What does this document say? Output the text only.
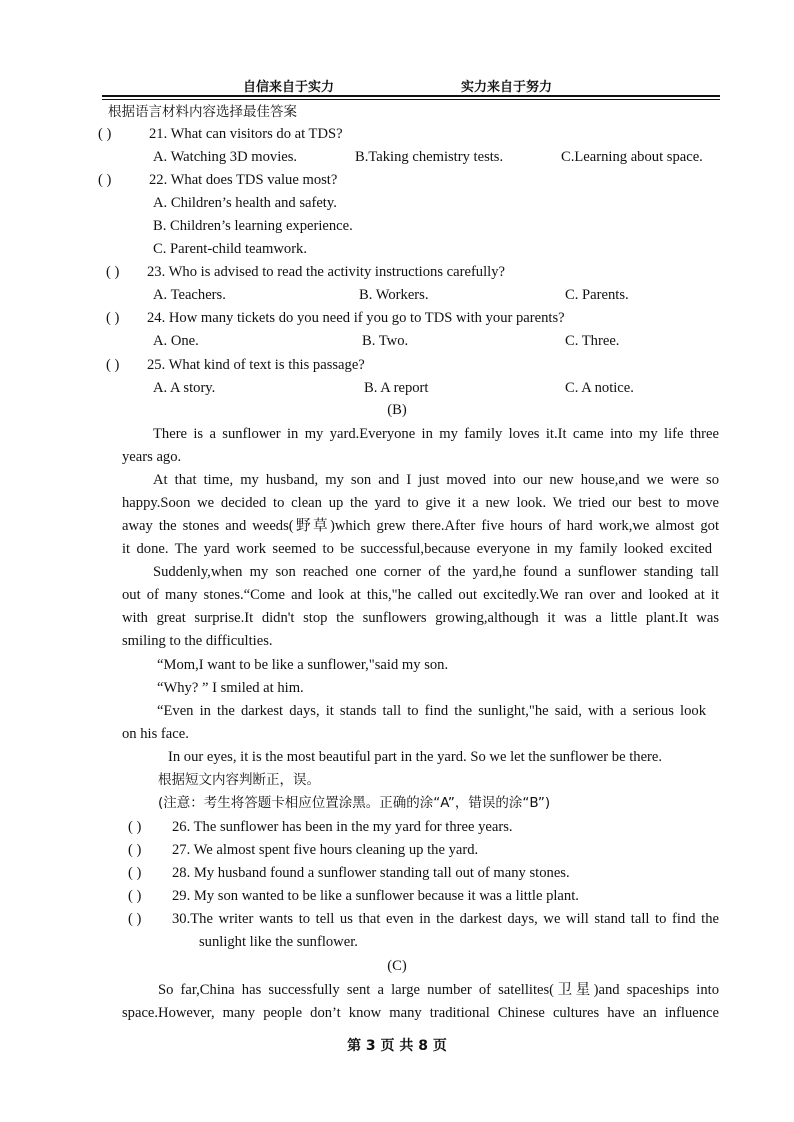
自信来自于实力	实力来自于努力
根据语言材料内容选择最佳答案
( )	21. What can visitors do at TDS?
A. Watching 3D movies.	B.Taking chemistry tests.	C.Learning about space.
( )	22. What does TDS value most?
A. Children’s health and safety.
B. Children’s learning experience.
C. Parent-child teamwork.
( ) 23. Who is advised to read the activity instructions carefully?
A. Teachers.	B. Workers.	C. Parents.
( ) 24. How many tickets do you need if you go to TDS with your parents?
A. One.	B. Two.	C. Three.
( ) 25. What kind of text is this passage?
A. A story.	B. A report	C. A notice.
(B)
There is a sunflower in my yard.Everyone in my family loves it.It came into my life three
years ago.
At that time, my husband, my son and I just moved into our new house,and we were so
happy.Soon we decided to clean up the yard to give it a new look. We tried our best to move
away the stones and weeds(野草)which grew there.After five hours of hard work,we almost got
it done. The yard work seemed to be successful,because everyone in my family looked excited
Suddenly,when my son reached one corner of the yard,he found a sunflower standing tall
out of many stones.“Come and look at this,"he called out excitedly.We ran over and looked at it
with great surprise.It didn't stop the sunflowers growing,although it was a little plant.It was
smiling to the difficulties.
“Mom,I want to be like a sunflower,"said my son.
“Why? ” I smiled at him.
“Even in the darkest days, it stands tall to find the sunlight,"he said, with a serious look
on his face.
In our eyes, it is the most beautiful part in the yard. So we let the sunflower be there.
根据短文内容判断正，误。
(注意：考生将答题卡相应位置涂黑。正确的涂“A”，错误的涂“B”)
( ) 26. The sunflower has been in the my yard for three years.
( ) 27. We almost spent five hours cleaning up the yard.
( ) 28. My husband found a sunflower standing tall out of many stones.
( ) 29. My son wanted to be like a sunflower because it was a little plant.
( ) 30.The writer wants to tell us that even in the darkest days, we will stand tall to find the
sunlight like the sunflower.
(C)
So far,China has successfully sent a large number of satellites(卫星)and spaceships into
space.However, many people don’t know many traditional Chinese cultures have an influence
第 3 页 共 8 页
